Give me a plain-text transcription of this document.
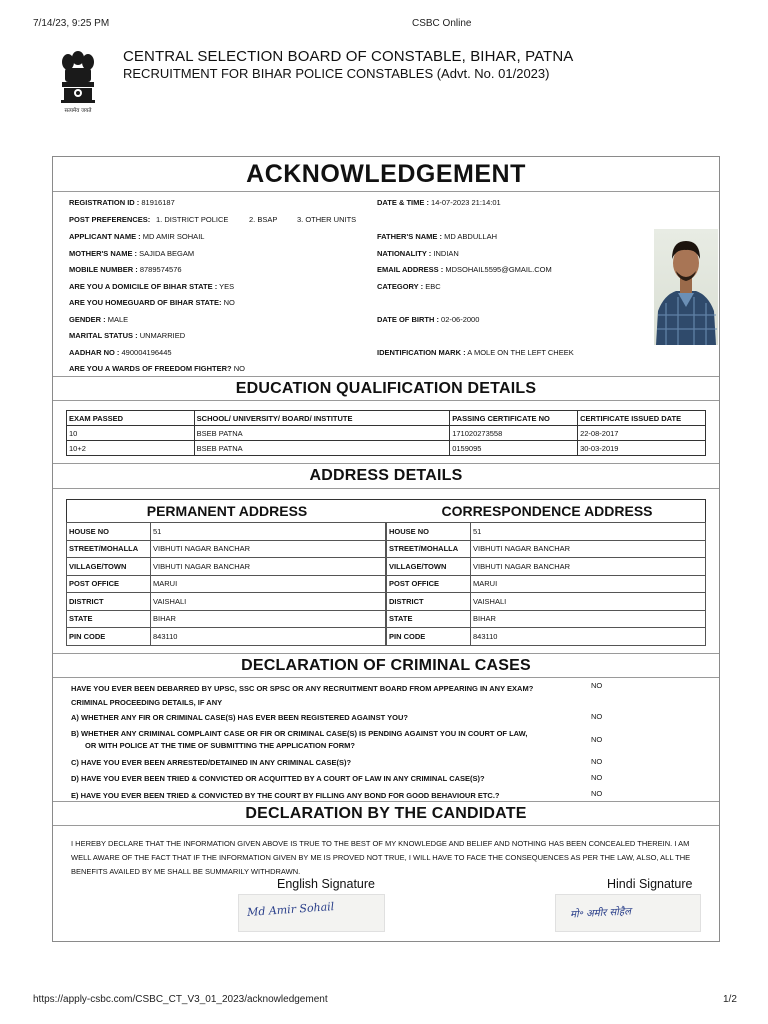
7/14/23, 9:25 PM	CSBC Online
सत्यमेव जयते
CENTRAL SELECTION BOARD OF CONSTABLE, BIHAR, PATNA
RECRUITMENT FOR BIHAR POLICE CONSTABLES (Advt. No. 01/2023)
ACKNOWLEDGEMENT
REGISTRATION ID : 81916187	DATE & TIME : 14-07-2023 21:14:01
POST PREFERENCES: 1. DISTRICT POLICE	2. BSAP	3. OTHER UNITS
APPLICANT NAME : MD AMIR SOHAIL	FATHER'S NAME : MD ABDULLAH
MOTHER'S NAME : SAJIDA BEGAM	NATIONALITY : INDIAN
MOBILE NUMBER : 8789574576	EMAIL ADDRESS : MDSOHAIL5595@GMAIL.COM
ARE YOU A DOMICILE OF BIHAR STATE : YES	CATEGORY : EBC
ARE YOU HOMEGUARD OF BIHAR STATE: NO
GENDER : MALE	DATE OF BIRTH : 02-06-2000
MARITAL STATUS : UNMARRIED
AADHAR NO : 490004196445	IDENTIFICATION MARK : A MOLE ON THE LEFT CHEEK
ARE YOU A WARDS OF FREEDOM FIGHTER? NO
EDUCATION QUALIFICATION DETAILS
EXAM PASSED	SCHOOL/ UNIVERSITY/ BOARD/ INSTITUTE	PASSING CERTIFICATE NO	CERTIFICATE ISSUED DATE
10	BSEB PATNA	171020273558	22-08-2017
10+2	BSEB PATNA	0159095	30-03-2019
ADDRESS DETAILS
PERMANENT ADDRESS	CORRESPONDENCE ADDRESS
HOUSE NO	51
STREET/MOHALLA	VIBHUTI NAGAR BANCHAR
VILLAGE/TOWN	VIBHUTI NAGAR BANCHAR
POST OFFICE	MARUI
DISTRICT	VAISHALI
STATE	BIHAR
PIN CODE	843110
HOUSE NO	51
STREET/MOHALLA	VIBHUTI NAGAR BANCHAR
VILLAGE/TOWN	VIBHUTI NAGAR BANCHAR
POST OFFICE	MARUI
DISTRICT	VAISHALI
STATE	BIHAR
PIN CODE	843110
DECLARATION OF CRIMINAL CASES
HAVE YOU EVER BEEN DEBARRED BY UPSC, SSC OR SPSC OR ANY RECRUITMENT BOARD FROM APPEARING IN ANY EXAM?	NO
CRIMINAL PROCEEDING DETAILS, IF ANY
A) WHETHER ANY FIR OR CRIMINAL CASE(S) HAS EVER BEEN REGISTERED AGAINST YOU?	NO
B) WHETHER ANY CRIMINAL COMPLAINT CASE OR FIR OR CRIMINAL CASE(S) IS PENDING AGAINST YOU IN COURT OF LAW,
OR WITH POLICE AT THE TIME OF SUBMITTING THE APPLICATION FORM?
NO
C) HAVE YOU EVER BEEN ARRESTED/DETAINED IN ANY CRIMINAL CASE(S)?	NO
D) HAVE YOU EVER BEEN TRIED & CONVICTED OR ACQUITTED BY A COURT OF LAW IN ANY CRIMINAL CASE(S)?	NO
E) HAVE YOU EVER BEEN TRIED & CONVICTED BY THE COURT BY FILLING ANY BOND FOR GOOD BEHAVIOUR ETC.?	NO
DECLARATION BY THE CANDIDATE
I HEREBY DECLARE THAT THE INFORMATION GIVEN ABOVE IS TRUE TO THE BEST OF MY KNOWLEDGE AND BELIEF AND NOTHING HAS BEEN CONCEALED THEREIN. I AM WELL AWARE OF THE FACT THAT IF THE INFORMATION GIVEN BY ME IS PROVED NOT TRUE, I WILL HAVE TO FACE THE CONSEQUENCES AS PER THE LAW, ALSO, ALL THE BENEFITS AVAILED BY ME SHALL BE SUMMARILY WITHDRAWN.
English Signature	Hindi Signature
Md Amir Sohail	मो॰ अमीर सोहैल
https://apply-csbc.com/CSBC_CT_V3_01_2023/acknowledgement	1/2
